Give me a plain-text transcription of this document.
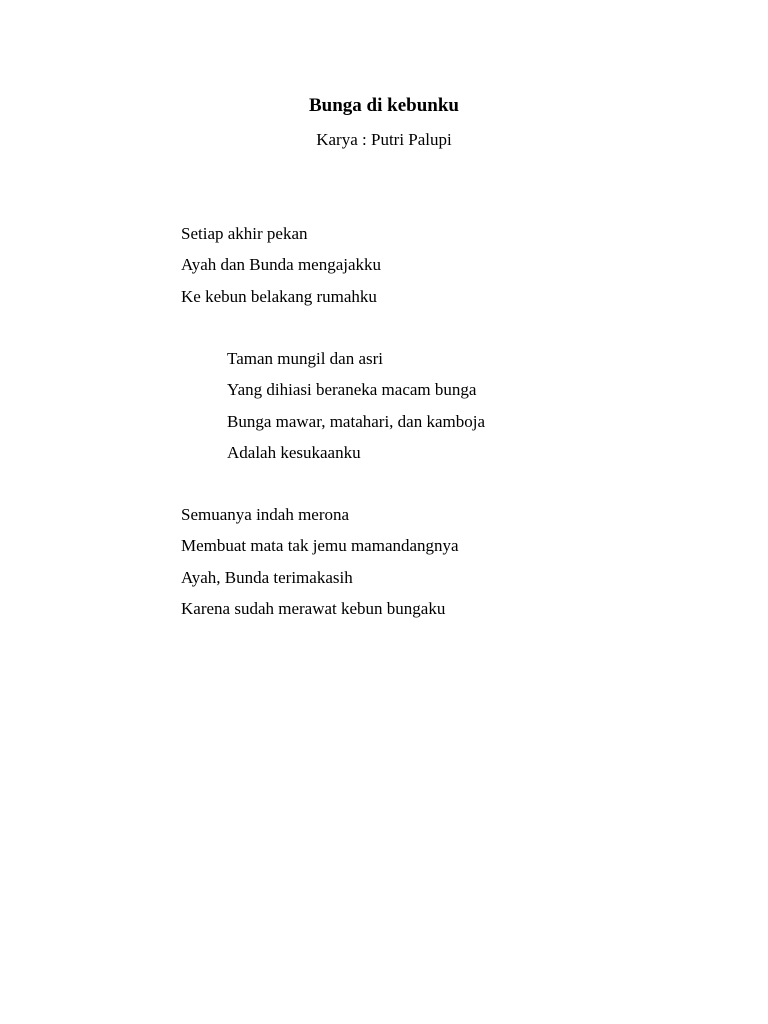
Bunga di kebunku

Karya : Putri Palupi

Setiap akhir pekan
Ayah dan Bunda mengajakku
Ke kebun belakang rumahku
Taman mungil dan asri
Yang dihiasi beraneka macam bunga
Bunga mawar, matahari, dan kamboja
Adalah kesukaanku
Semuanya indah merona
Membuat mata tak jemu mamandangnya
Ayah, Bunda terimakasih
Karena sudah merawat kebun bungaku
